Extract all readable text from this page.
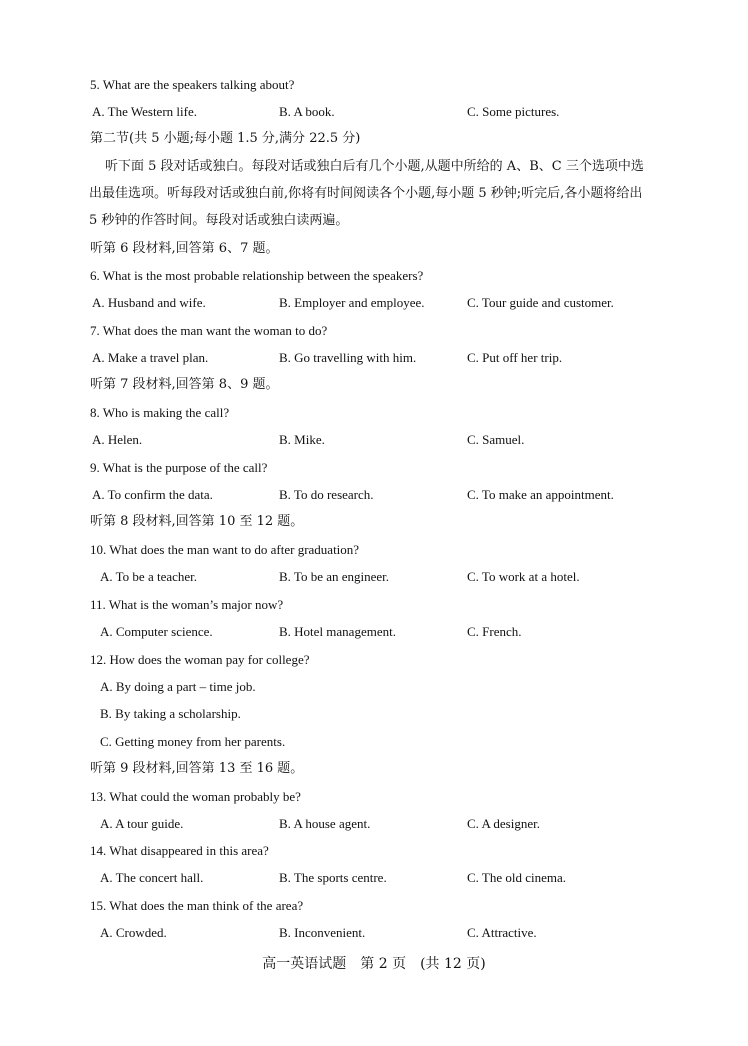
5. What are the speakers talking about?
A. The Western life.	B. A book.	C. Some pictures.
第二节(共 5 小题;每小题 1.5 分,满分 22.5 分)
听下面 5 段对话或独白。每段对话或独白后有几个小题,从题中所给的 A、B、C 三个选项中选出最佳选项。听每段对话或独白前,你将有时间阅读各个小题,每小题 5 秒钟;听完后,各小题将给出 5 秒钟的作答时间。每段对话或独白读两遍。
听第 6 段材料,回答第 6、7 题。
6. What is the most probable relationship between the speakers?
A. Husband and wife.	B. Employer and employee.	C. Tour guide and customer.
7. What does the man want the woman to do?
A. Make a travel plan.	B. Go travelling with him.	C. Put off her trip.
听第 7 段材料,回答第 8、9 题。
8. Who is making the call?
A. Helen.	B. Mike.	C. Samuel.
9. What is the purpose of the call?
A. To confirm the data.	B. To do research.	C. To make an appointment.
听第 8 段材料,回答第 10 至 12 题。
10. What does the man want to do after graduation?
A. To be a teacher.	B. To be an engineer.	C. To work at a hotel.
11. What is the woman’s major now?
A. Computer science.	B. Hotel management.	C. French.
12. How does the woman pay for college?
A. By doing a part – time job.
B. By taking a scholarship.
C. Getting money from her parents.
听第 9 段材料,回答第 13 至 16 题。
13. What could the woman probably be?
A. A tour guide.	B. A house agent.	C. A designer.
14. What disappeared in this area?
A. The concert hall.	B. The sports centre.	C. The old cinema.
15. What does the man think of the area?
A. Crowded.	B. Inconvenient.	C. Attractive.
高一英语试题　第 2 页　(共 12 页)
